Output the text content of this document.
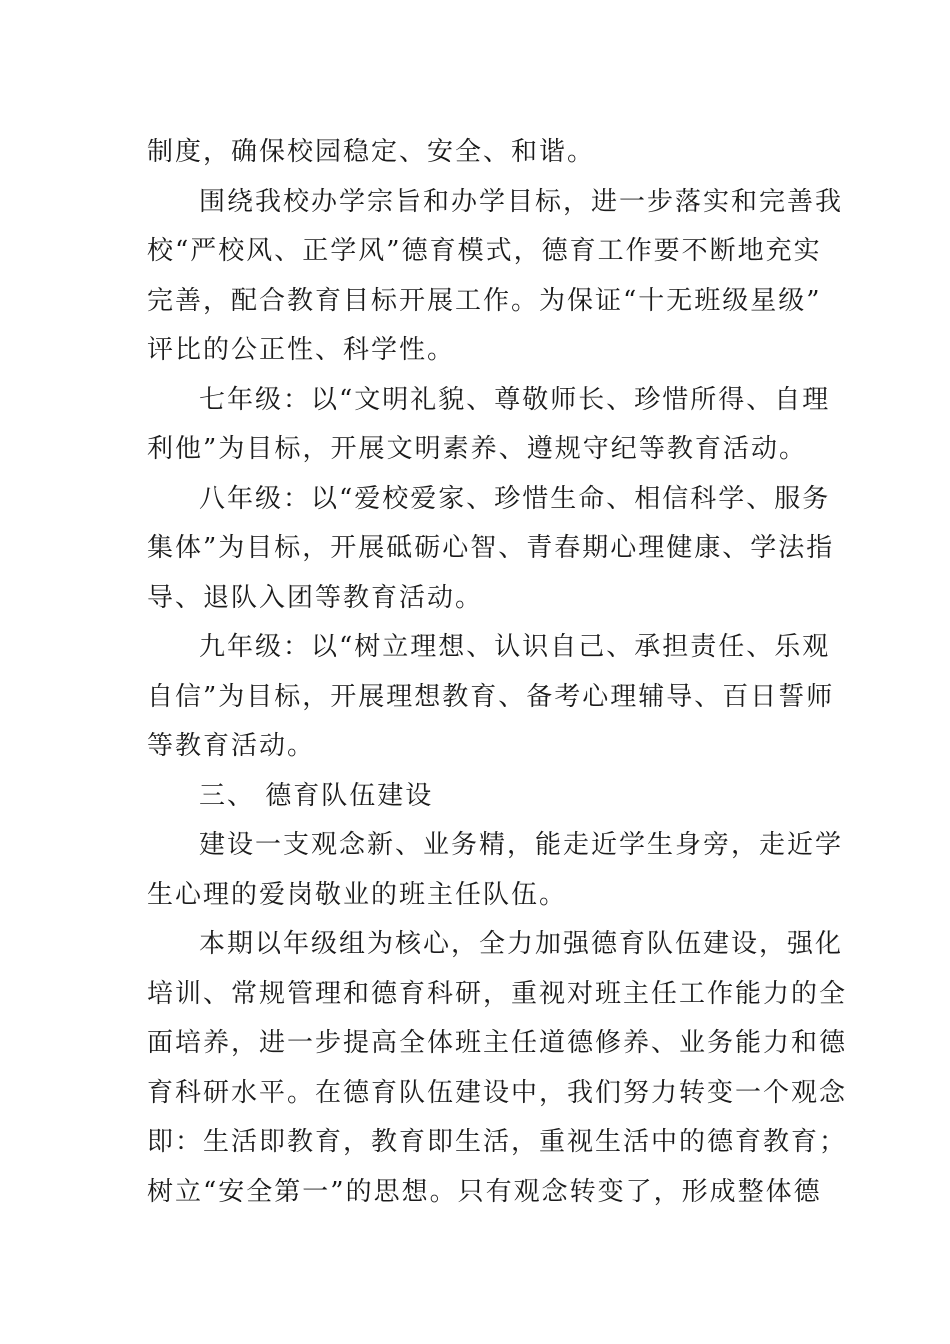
制度，确保校园稳定、安全、和谐。
围绕我校办学宗旨和办学目标，进一步落实和完善我
校“严校风、正学风”德育模式，德育工作要不断地充实
完善，配合教育目标开展工作。为保证“十无班级星级”
评比的公正性、科学性。
七年级：以“文明礼貌、尊敬师长、珍惜所得、自理
利他”为目标，开展文明素养、遵规守纪等教育活动。
八年级：以“爱校爱家、珍惜生命、相信科学、服务
集体”为目标，开展砥砺心智、青春期心理健康、学法指
导、退队入团等教育活动。
九年级：以“树立理想、认识自己、承担责任、乐观
自信”为目标，开展理想教育、备考心理辅导、百日誓师
等教育活动。
三、 德育队伍建设
建设一支观念新、业务精，能走近学生身旁，走近学
生心理的爱岗敬业的班主任队伍。
本期以年级组为核心，全力加强德育队伍建设，强化
培训、常规管理和德育科研，重视对班主任工作能力的全
面培养，进一步提高全体班主任道德修养、业务能力和德
育科研水平。在德育队伍建设中，我们努力转变一个观念
即：生活即教育，教育即生活，重视生活中的德育教育；
树立“安全第一”的思想。只有观念转变了，形成整体德
